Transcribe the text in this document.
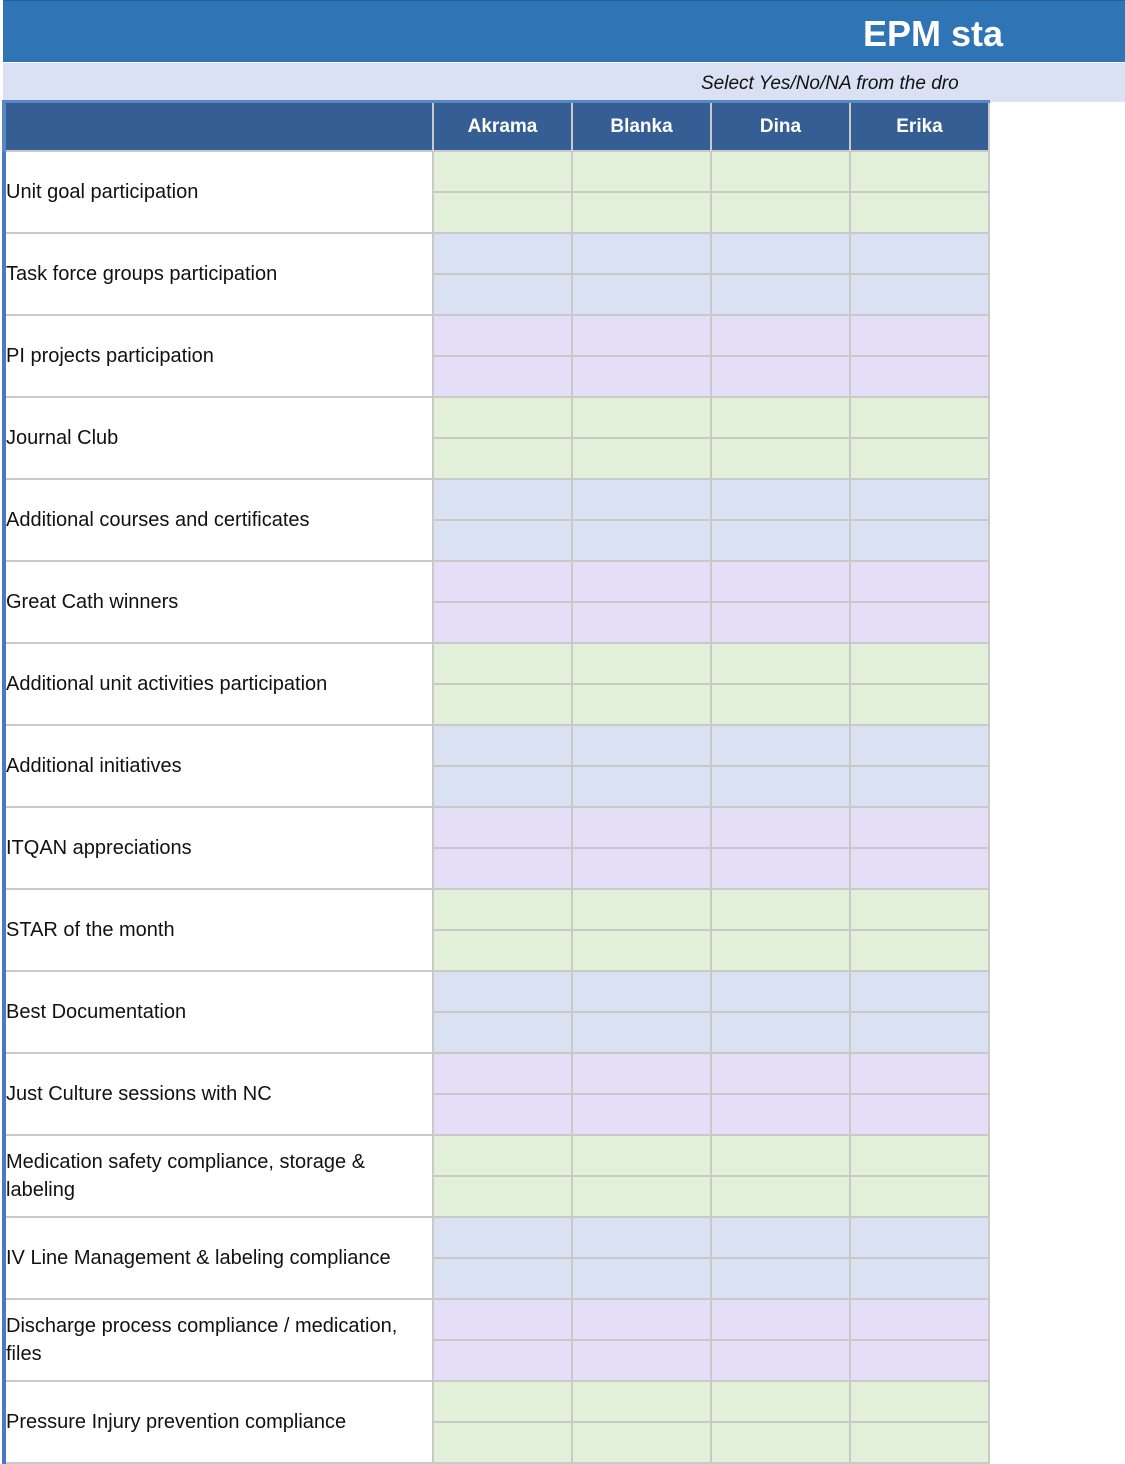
EPM sta
Select Yes/No/NA from the dro
	Akrama	Blanka	Dina	Erika
Unit goal participation				

Task force groups participation				

PI projects participation				

Journal Club				

Additional courses and certificates				

Great Cath winners				

Additional unit activities participation				

Additional initiatives				

ITQAN appreciations				

STAR of the month				

Best Documentation				

Just Culture sessions with NC				

Medication safety compliance, storage & labeling				

IV Line Management & labeling compliance				

Discharge process compliance / medication, files				

Pressure Injury prevention compliance				
